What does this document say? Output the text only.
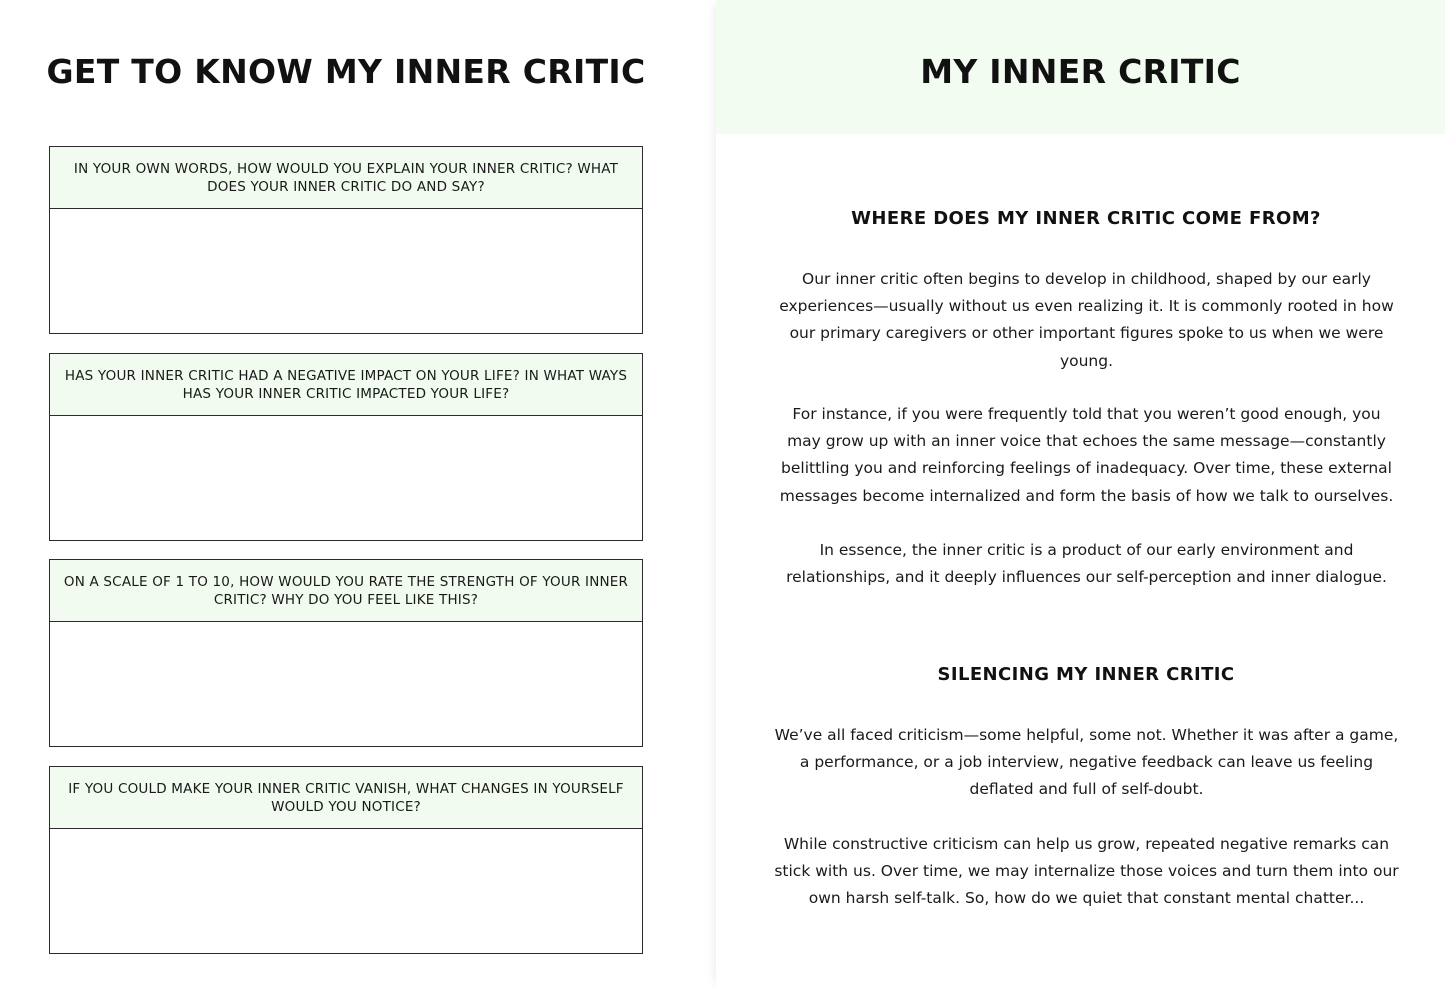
GET TO KNOW MY INNER CRITIC
IN YOUR OWN WORDS, HOW WOULD YOU EXPLAIN YOUR INNER CRITIC? WHAT DOES YOUR INNER CRITIC DO AND SAY?
HAS YOUR INNER CRITIC HAD A NEGATIVE IMPACT ON YOUR LIFE? IN WHAT WAYS HAS YOUR INNER CRITIC IMPACTED YOUR LIFE?
ON A SCALE OF 1 TO 10, HOW WOULD YOU RATE THE STRENGTH OF YOUR INNER CRITIC? WHY DO YOU FEEL LIKE THIS?
IF YOU COULD MAKE YOUR INNER CRITIC VANISH, WHAT CHANGES IN YOURSELF WOULD YOU NOTICE?
MY INNER CRITIC
WHERE DOES MY INNER CRITIC COME FROM?

Our inner critic often begins to develop in childhood, shaped by our early experiences—usually without us even realizing it. It is commonly rooted in how our primary caregivers or other important figures spoke to us when we were young.

For instance, if you were frequently told that you weren’t good enough, you may grow up with an inner voice that echoes the same message—constantly belittling you and reinforcing feelings of inadequacy. Over time, these external messages become internalized and form the basis of how we talk to ourselves.

In essence, the inner critic is a product of our early environment and relationships, and it deeply influences our self-perception and inner dialogue.

SILENCING MY INNER CRITIC

We’ve all faced criticism—some helpful, some not. Whether it was after a game, a performance, or a job interview, negative feedback can leave us feeling deflated and full of self-doubt.

While constructive criticism can help us grow, repeated negative remarks can stick with us. Over time, we may internalize those voices and turn them into our own harsh self-talk. So, how do we quiet that constant mental chatter...
